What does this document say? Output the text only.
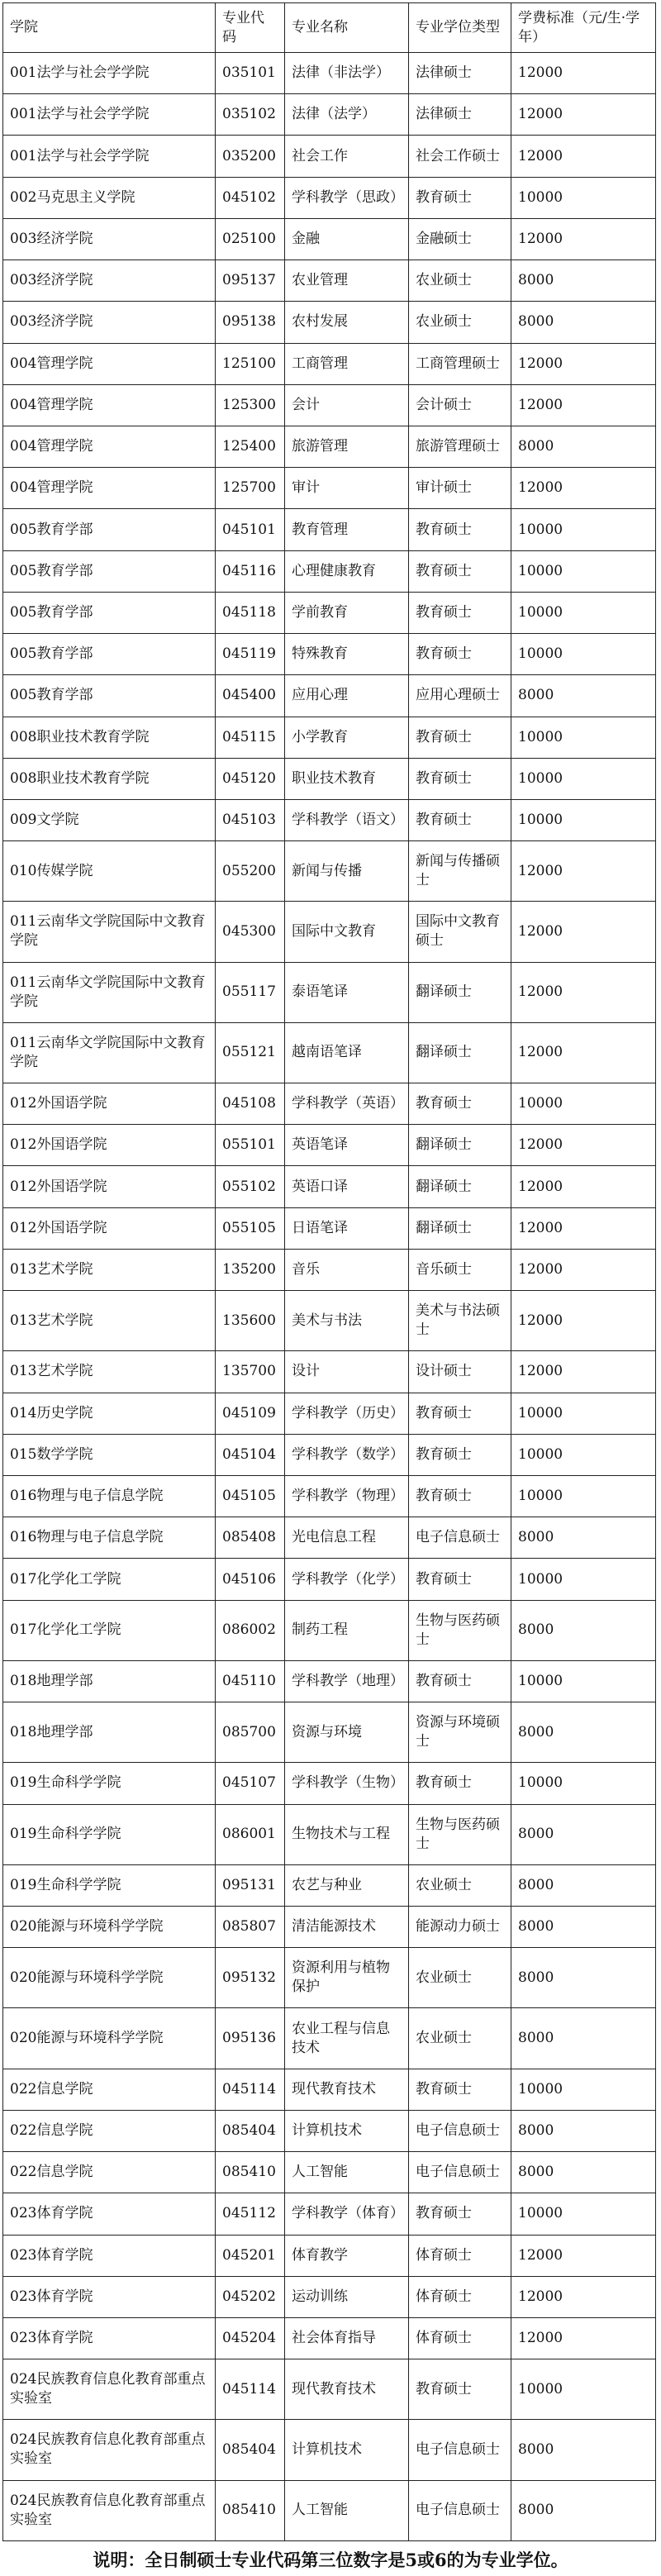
学院	专业代码	专业名称	专业学位类型	学费标准（元/生·学年）
001法学与社会学学院	035101	法律（非法学）	法律硕士	12000
001法学与社会学学院	035102	法律（法学）	法律硕士	12000
001法学与社会学学院	035200	社会工作	社会工作硕士	12000
002马克思主义学院	045102	学科教学（思政）	教育硕士	10000
003经济学院	025100	金融	金融硕士	12000
003经济学院	095137	农业管理	农业硕士	8000
003经济学院	095138	农村发展	农业硕士	8000
004管理学院	125100	工商管理	工商管理硕士	12000
004管理学院	125300	会计	会计硕士	12000
004管理学院	125400	旅游管理	旅游管理硕士	8000
004管理学院	125700	审计	审计硕士	12000
005教育学部	045101	教育管理	教育硕士	10000
005教育学部	045116	心理健康教育	教育硕士	10000
005教育学部	045118	学前教育	教育硕士	10000
005教育学部	045119	特殊教育	教育硕士	10000
005教育学部	045400	应用心理	应用心理硕士	8000
008职业技术教育学院	045115	小学教育	教育硕士	10000
008职业技术教育学院	045120	职业技术教育	教育硕士	10000
009文学院	045103	学科教学（语文）	教育硕士	10000
010传媒学院	055200	新闻与传播	新闻与传播硕士	12000
011云南华文学院国际中文教育学院	045300	国际中文教育	国际中文教育硕士	12000
011云南华文学院国际中文教育学院	055117	泰语笔译	翻译硕士	12000
011云南华文学院国际中文教育学院	055121	越南语笔译	翻译硕士	12000
012外国语学院	045108	学科教学（英语）	教育硕士	10000
012外国语学院	055101	英语笔译	翻译硕士	12000
012外国语学院	055102	英语口译	翻译硕士	12000
012外国语学院	055105	日语笔译	翻译硕士	12000
013艺术学院	135200	音乐	音乐硕士	12000
013艺术学院	135600	美术与书法	美术与书法硕士	12000
013艺术学院	135700	设计	设计硕士	12000
014历史学院	045109	学科教学（历史）	教育硕士	10000
015数学学院	045104	学科教学（数学）	教育硕士	10000
016物理与电子信息学院	045105	学科教学（物理）	教育硕士	10000
016物理与电子信息学院	085408	光电信息工程	电子信息硕士	8000
017化学化工学院	045106	学科教学（化学）	教育硕士	10000
017化学化工学院	086002	制药工程	生物与医药硕士	8000
018地理学部	045110	学科教学（地理）	教育硕士	10000
018地理学部	085700	资源与环境	资源与环境硕士	8000
019生命科学学院	045107	学科教学（生物）	教育硕士	10000
019生命科学学院	086001	生物技术与工程	生物与医药硕士	8000
019生命科学学院	095131	农艺与种业	农业硕士	8000
020能源与环境科学学院	085807	清洁能源技术	能源动力硕士	8000
020能源与环境科学学院	095132	资源利用与植物保护	农业硕士	8000
020能源与环境科学学院	095136	农业工程与信息技术	农业硕士	8000
022信息学院	045114	现代教育技术	教育硕士	10000
022信息学院	085404	计算机技术	电子信息硕士	8000
022信息学院	085410	人工智能	电子信息硕士	8000
023体育学院	045112	学科教学（体育）	教育硕士	10000
023体育学院	045201	体育教学	体育硕士	12000
023体育学院	045202	运动训练	体育硕士	12000
023体育学院	045204	社会体育指导	体育硕士	12000
024民族教育信息化教育部重点实验室	045114	现代教育技术	教育硕士	10000
024民族教育信息化教育部重点实验室	085404	计算机技术	电子信息硕士	8000
024民族教育信息化教育部重点实验室	085410	人工智能	电子信息硕士	8000
说明：全日制硕士专业代码第三位数字是5或6的为专业学位。
